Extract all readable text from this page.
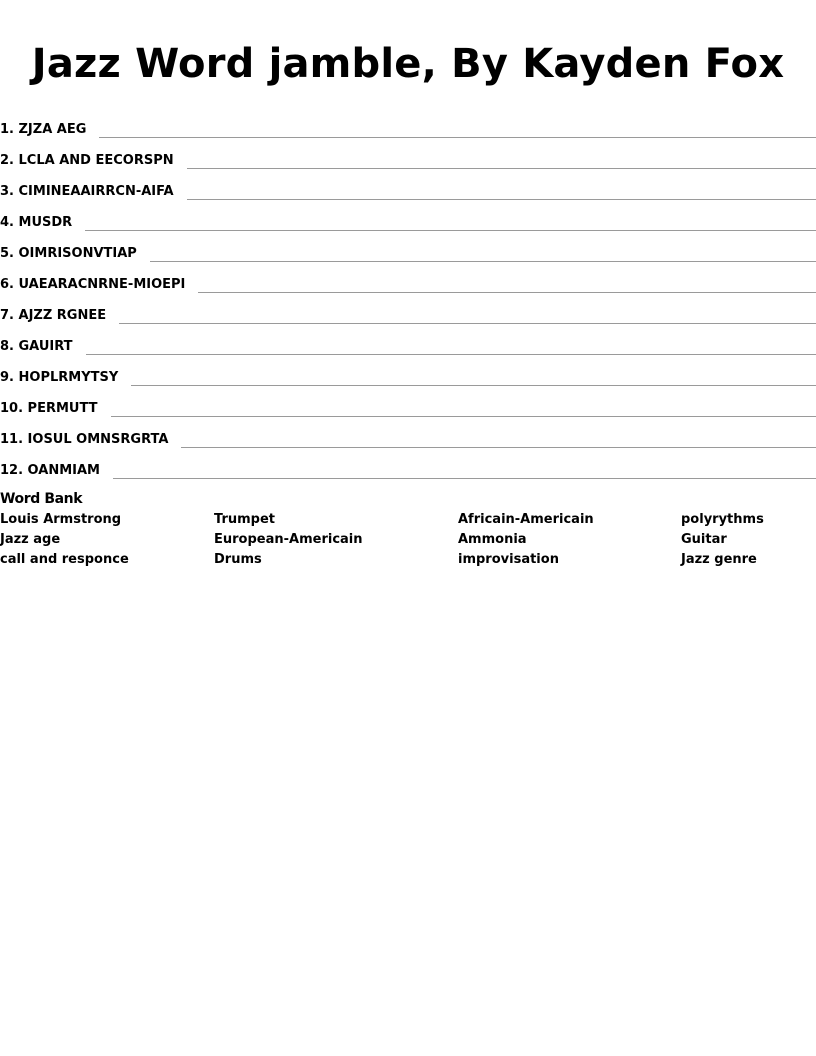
Jazz Word jamble, By Kayden Fox
1. ZJZA AEG
2. LCLA AND EECORSPN
3. CIMINEAAIRRCN-AIFA
4. MUSDR
5. OIMRISONVTIAP
6. UAEARACNRNE-MIOEPI
7. AJZZ RGNEE
8. GAUIRT
9. HOPLRMYTSY
10. PERMUTT
11. IOSUL OMNSRGRTA
12. OANMIAM
Word Bank
Louis Armstrong
Jazz age
call and responce
Trumpet
European-Americain
Drums
Africain-Americain
Ammonia
improvisation
polyrythms
Guitar
Jazz genre
